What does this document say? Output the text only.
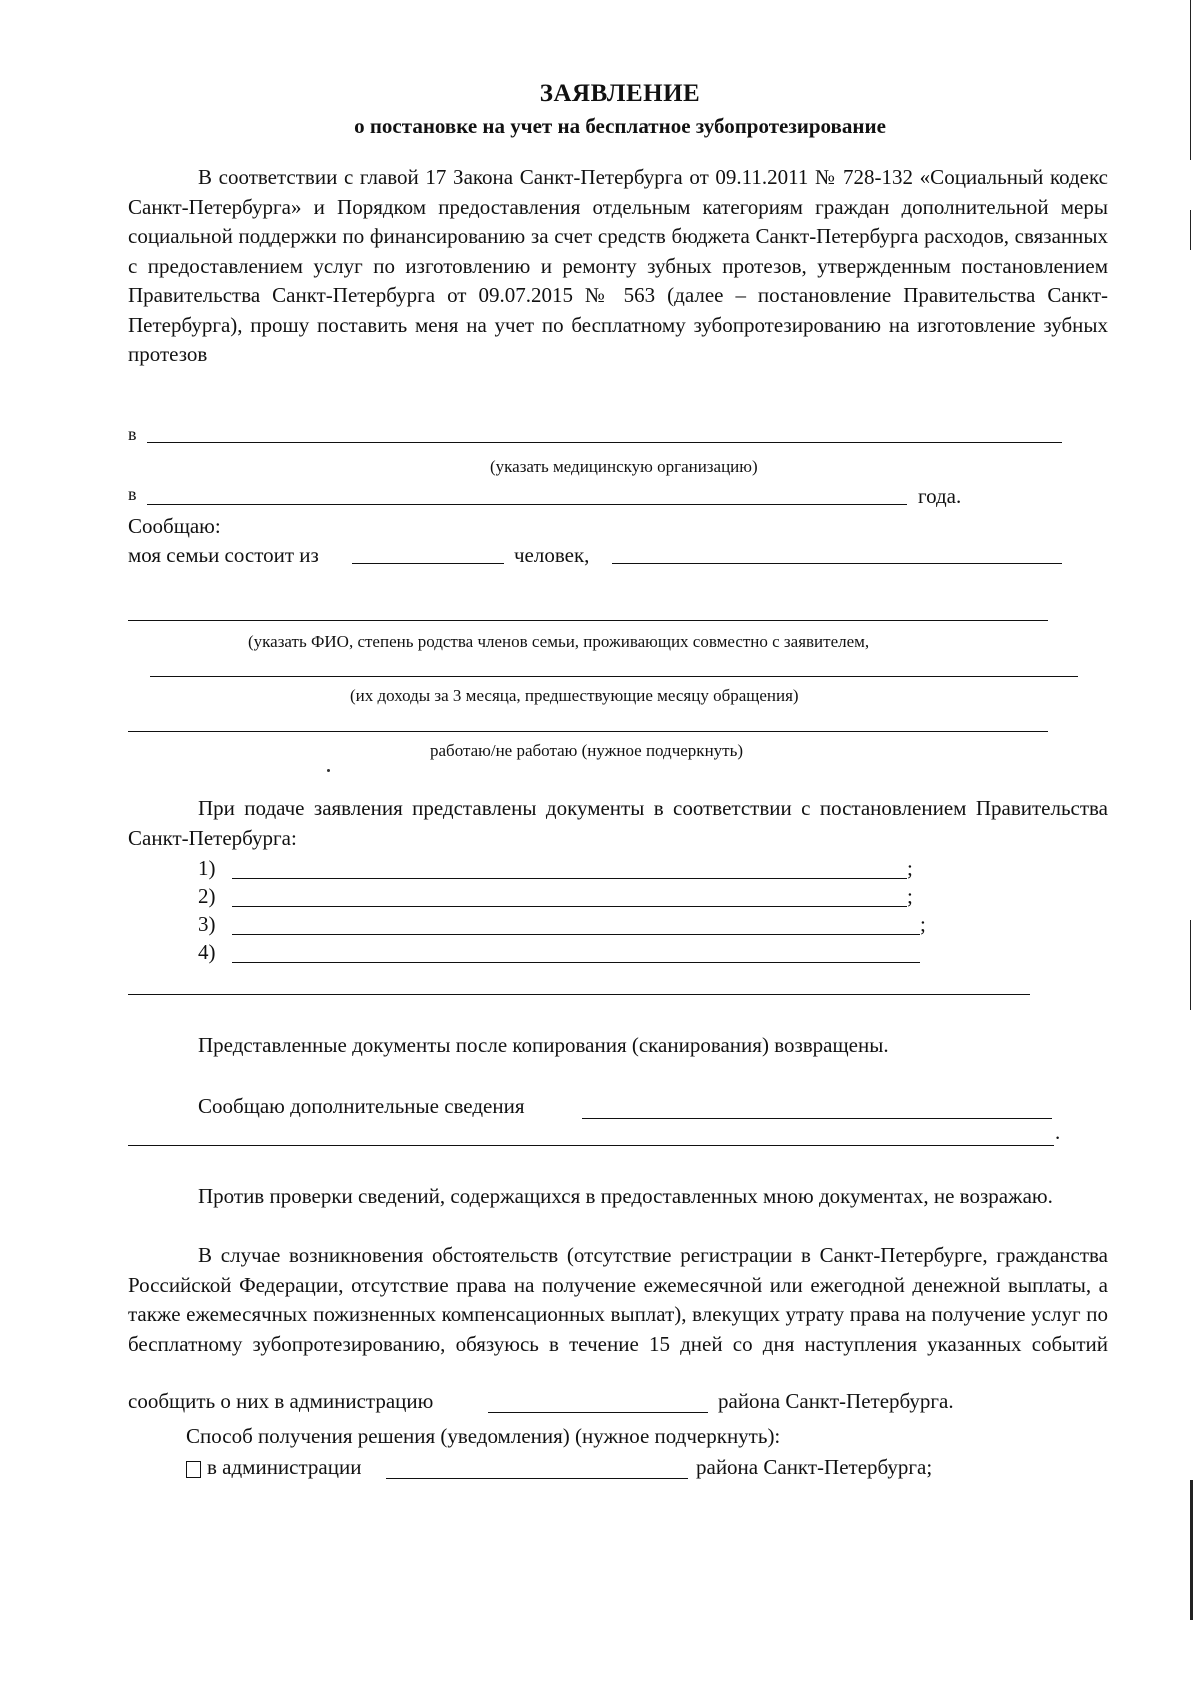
ЗАЯВЛЕНИЕ
о постановке на учет на бесплатное зубопротезирование
В соответствии с главой 17 Закона Санкт-Петербурга от 09.11.2011 № 728-132 «Социальный кодекс Санкт-Петербурга» и Порядком предоставления отдельным категориям граждан дополнительной меры социальной поддержки по финансированию за счет средств бюджета Санкт-Петербурга расходов, связанных с предоставлением услуг по изготовлению и ремонту зубных протезов, утвержденным постановлением Правительства Санкт-Петербурга от 09.07.2015 № 563 (далее – постановление Правительства Санкт-Петербурга), прошу поставить меня на учет по бесплатному зубопротезированию на изготовление зубных протезов
в
(указать медицинскую организацию)
в	года.
Сообщаю:
моя семьи состоит из	человек,
(указать ФИО, степень родства членов семьи, проживающих совместно с заявителем,
(их доходы за 3 месяца, предшествующие месяцу обращения)
работаю/не работаю (нужное подчеркнуть)
При подаче заявления представлены документы в соответствии с постановлением Правительства Санкт-Петербурга:
1)	;
2)	;
3)	;
4)
Представленные документы после копирования (сканирования) возвращены.
Сообщаю дополнительные сведения
.
Против проверки сведений, содержащихся в предоставленных мною документах, не возражаю.
В случае возникновения обстоятельств (отсутствие регистрации в Санкт-Петербурге, гражданства Российской Федерации, отсутствие права на получение ежемесячной или ежегодной денежной выплаты, а также ежемесячных пожизненных компенсационных выплат), влекущих утрату права на получение услуг по бесплатному зубопротезированию, обязуюсь в течение 15 дней со дня наступления указанных событий
сообщить о них в администрацию	района Санкт-Петербурга.
Способ получения решения (уведомления) (нужное подчеркнуть):
в администрации	района Санкт-Петербурга;
